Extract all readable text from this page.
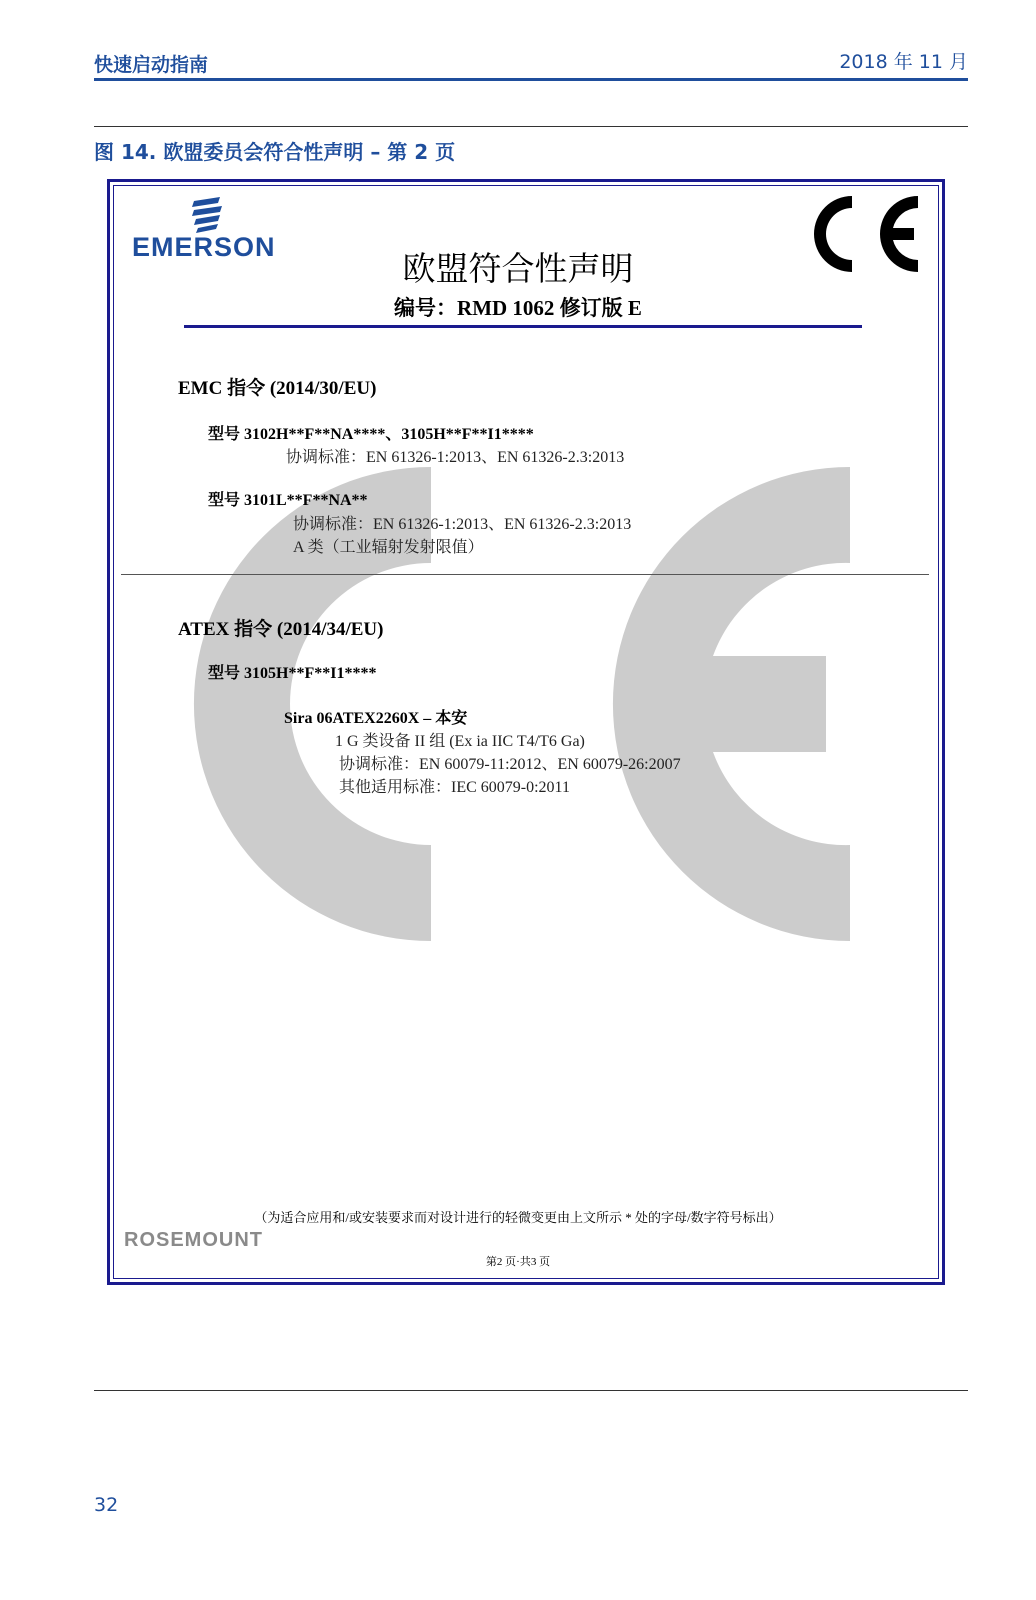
快速启动指南	2018 年 11 月
图 14. 欧盟委员会符合性声明 – 第 2 页
EMERSON
欧盟符合性声明
编号：RMD 1062 修订版 E
EMC 指令 (2014/30/EU)
型号 3102H**F**NA****、3105H**F**I1****
协调标准：EN 61326-1:2013、EN 61326-2.3:2013
型号 3101L**F**NA**
协调标准：EN 61326-1:2013、EN 61326-2.3:2013
A 类（工业辐射发射限值）
ATEX 指令 (2014/34/EU)
型号 3105H**F**I1****
Sira 06ATEX2260X – 本安
1 G 类设备 II 组 (Ex ia IIC T4/T6 Ga)
协调标准：EN 60079-11:2012、EN 60079-26:2007
其他适用标准：IEC 60079-0:2011
（为适合应用和/或安装要求而对设计进行的轻微变更由上文所示 * 处的字母/数字符号标出）
ROSEMOUNT
第2 页·共3 页
32
